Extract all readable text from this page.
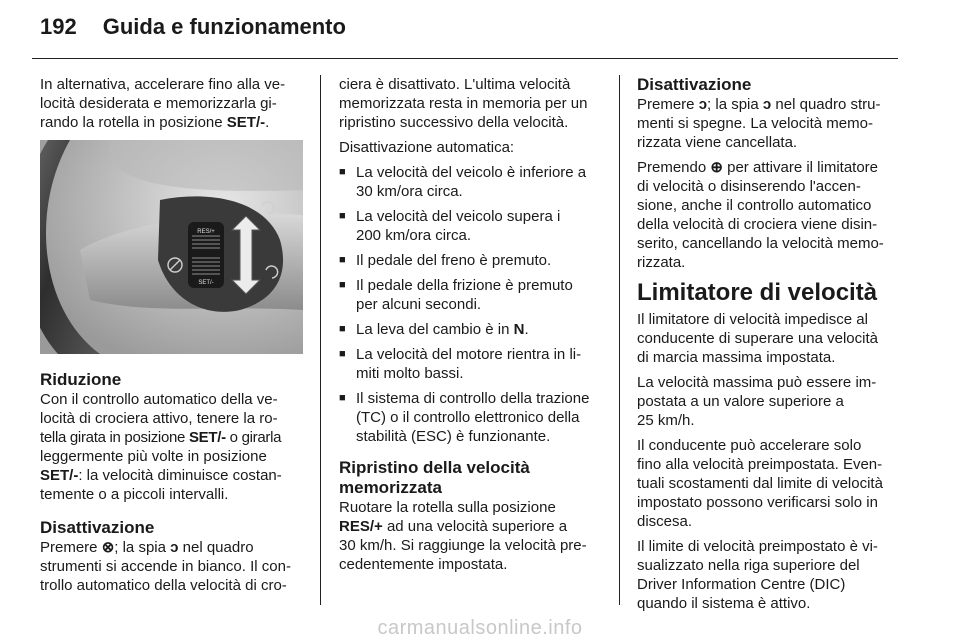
192 Guida e funzionamento

In alternativa, accelerare fino alla ve-
locità desiderata e memorizzarla gi-
rando la rotella in posizione SET/-.

RES/+
SET/-
Riduzione

Con il controllo automatico della ve-
locità di crociera attivo, tenere la ro-
tella girata in posizione SET/- o girarla
leggermente più volte in posizione
SET/-: la velocità diminuisce costan-
temente o a piccoli intervalli.

Disattivazione

Premere ⊗; la spia ↄ nel quadro
strumenti si accende in bianco. Il con-
trollo automatico della velocità di cro-

ciera è disattivato. L'ultima velocità
memorizzata resta in memoria per un
ripristino successivo della velocità.

Disattivazione automatica:

■ La velocità del veicolo è inferiore a
30 km/ora circa.
■ La velocità del veicolo supera i
200 km/ora circa.
■ Il pedale del freno è premuto.
■ Il pedale della frizione è premuto
per alcuni secondi.
■ La leva del cambio è in N.
■ La velocità del motore rientra in li-
miti molto bassi.
■ Il sistema di controllo della trazione
(TC) o il controllo elettronico della
stabilità (ESC) è funzionante.
Ripristino della velocità
memorizzata

Ruotare la rotella sulla posizione
RES/+ ad una velocità superiore a
30 km/h. Si raggiunge la velocità pre-
cedentemente impostata.

Disattivazione

Premere ↄ; la spia ↄ nel quadro stru-
menti si spegne. La velocità memo-
rizzata viene cancellata.

Premendo ⊕ per attivare il limitatore
di velocità o disinserendo l'accen-
sione, anche il controllo automatico
della velocità di crociera viene disin-
serito, cancellando la velocità memo-
rizzata.

Limitatore di velocità

Il limitatore di velocità impedisce al
conducente di superare una velocità
di marcia massima impostata.

La velocità massima può essere im-
postata a un valore superiore a
25 km/h.

Il conducente può accelerare solo
fino alla velocità preimpostata. Even-
tuali scostamenti dal limite di velocità
impostato possono verificarsi solo in
discesa.

Il limite di velocità preimpostato è vi-
sualizzato nella riga superiore del
Driver Information Centre (DIC)
quando il sistema è attivo.

carmanualsonline.info
